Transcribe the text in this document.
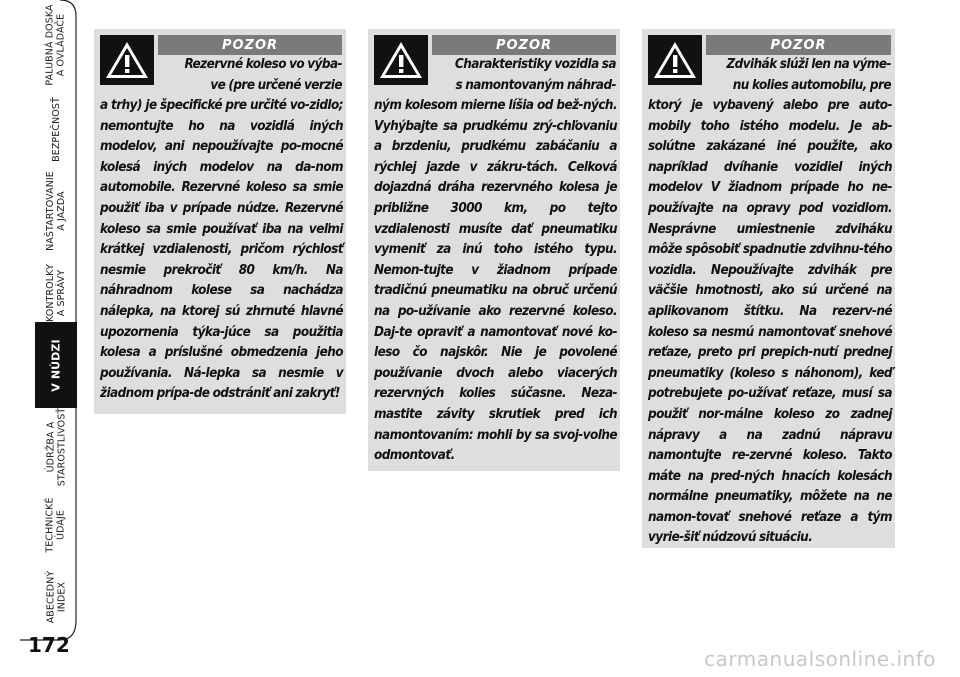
PALUBNÁ DOSKA
A OVLÁDAČE
BEZPEČNOSŤ
NAŠTARTOVANIE
A JAZDA
KONTROLKY
A SPRÁVY
V NÚDZI
ÚDRŽBA A
STAROSTLIVOSŤ
TECHNICKÉ
ÚDAJE
ABECEDNÝ
INDEX
172
POZOR
Rezervné koleso vo výba-
ve (pre určené verzie
a trhy) je špecifické pre určité vo-zidlo; nemontujte ho na vozidlá iných modelov, ani nepoužívajte po-mocné kolesá iných modelov na da-nom automobile. Rezervné koleso sa smie použiť iba v prípade núdze. Rezervné koleso sa smie používať iba na veľmi krátkej vzdialenosti, pričom rýchlosť nesmie prekročiť 80 km/h. Na náhradnom kolese sa nachádza nálepka, na ktorej sú zhrnuté hlavné upozornenia týka-júce sa použitia kolesa a príslušné obmedzenia jeho používania. Ná-lepka sa nesmie v žiadnom prípa-de odstrániť ani zakryť!
POZOR
Charakteristiky vozidla sa
s namontovaným náhrad-
ným kolesom mierne líšia od bež-ných. Vyhýbajte sa prudkému zrý-chľovaniu a brzdeniu, prudkému zabáčaniu a rýchlej jazde v zákru-tách. Celková dojazdná dráha rezervného kolesa je približne 3000 km, po tejto vzdialenosti musíte dať pneumatiku vymeniť za inú toho istého typu. Nemon-tujte v žiadnom prípade tradičnú pneumatiku na obruč určenú na po-užívanie ako rezervné koleso. Daj-te opraviť a namontovať nové ko-leso čo najskôr. Nie je povolené používanie dvoch alebo viacerých rezervných kolies súčasne. Neza-mastite závity skrutiek pred ich namontovaním: mohli by sa svoj-voľne odmontovať.
POZOR
Zdvihák slúži len na výme-
nu kolies automobilu, pre
ktorý je vybavený alebo pre auto-mobily toho istého modelu. Je ab-solútne zakázané iné použite, ako napríklad dvíhanie vozidiel iných modelov V žiadnom prípade ho ne-používajte na opravy pod vozidlom. Nesprávne umiestnenie zdviháku môže spôsobiť spadnutie zdvihnu-tého vozidla. Nepoužívajte zdvihák pre väčšie hmotnosti, ako sú určené na aplikovanom štítku. Na rezerv-né koleso sa nesmú namontovať snehové reťaze, preto pri prepich-nutí prednej pneumatiky (koleso s náhonom), keď potrebujete po-užívať reťaze, musí sa použiť nor-málne koleso zo zadnej nápravy a na zadnú nápravu namontujte re-zervné koleso. Takto máte na pred-ných hnacích kolesách normálne pneumatiky, môžete na ne namon-tovať snehové reťaze a tým vyrie-šiť núdzovú situáciu.
carmanualsonline.info
